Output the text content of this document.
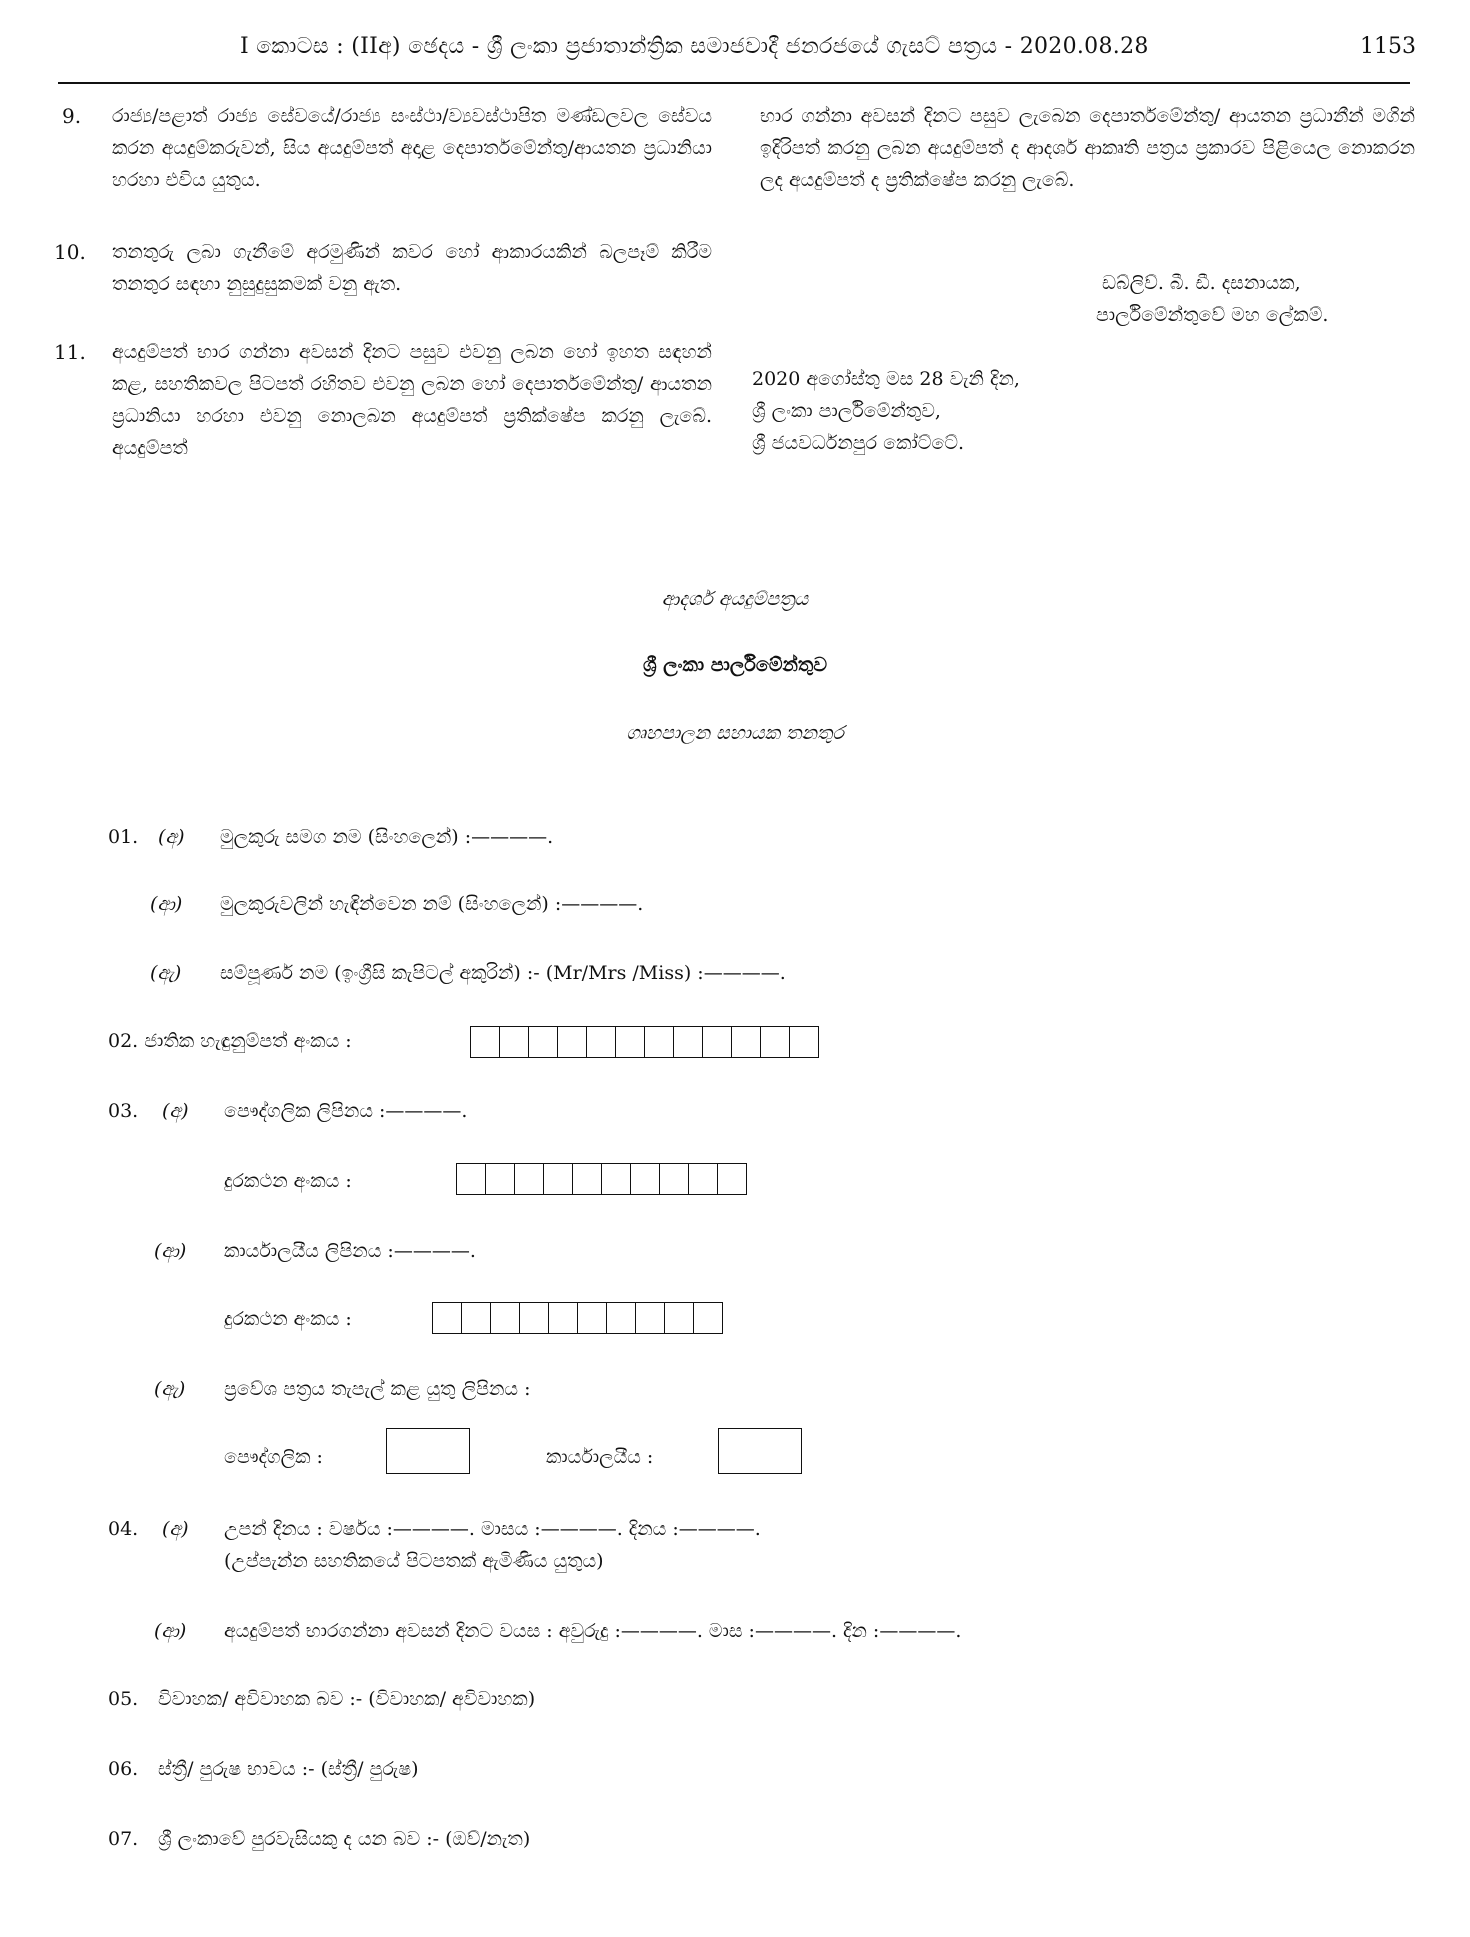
I කොටස : (IIඅ) ඡෙදය - ශ්‍රී ලංකා ප්‍රජාතාන්ත්‍රික සමාජවාදී ජනරජයේ ගැසට් පත්‍රය - 2020.08.28	1153
9. රාජ්‍ය/පළාත් රාජ්‍ය සේවයේ/රාජ්‍ය සංස්ථා/ව්‍යවස්ථාපිත මණ්ඩලවල සේවය කරන අයදුම්කරුවන්, සිය අයදුම්පත් අදාළ දෙපාර්තමේන්තු/ආයතන ප්‍රධානියා හරහා එවිය යුතුය.
10. තනතුරු ලබා ගැනීමේ අරමුණින් කවර හෝ ආකාරයකින් බලපෑම් කිරීම තනතුර සඳහා නුසුදුසුකමක් වනු ඇත.
11. අයදුම්පත් භාර ගන්නා අවසන් දිනට පසුව එවනු ලබන හෝ ඉහත සඳහන් කළ, සහතිකවල පිටපත් රහිතව එවනු ලබන හෝ දෙපාර්තමේන්තු/ ආයතන ප්‍රධානියා හරහා එවනු නොලබන අයදුම්පත් ප්‍රතික්ෂේප කරනු ලැබේ. අයදුම්පත්
භාර ගන්නා අවසන් දිනට පසුව ලැබෙන දෙපාර්තමේන්තු/ ආයතන ප්‍රධානීන් මගින් ඉදිරිපත් කරනු ලබන අයදුම්පත් ද ආදර්ශ ආකෘති පත්‍රය ප්‍රකාරව පිළියෙල නොකරන ලද අයදුම්පත් ද ප්‍රතික්ෂේප කරනු ලැබේ.
ඩබ්ලිව්. බී. ඩී. දසනායක,
පාර්ලිමේන්තුවේ මහ ලේකම්.
2020 අගෝස්තු මස 28 වැනි දින,
ශ්‍රී ලංකා පාර්ලිමේන්තුව,
ශ්‍රී ජයවර්ධනපුර කෝට්ටේ.
ආදර්ශ අයදුම්පත්‍රය
ශ්‍රී ලංකා පාර්ලිමේන්තුව
ගෘහපාලන සහායක තනතුර
01. (අ) මුලකුරු සමග නම (සිංහලෙන්) :————.
(ආ) මුලකුරුවලින් හැඳින්වෙන නම් (සිංහලෙන්) :————.
(ඇ) සම්පූර්ණ නම (ඉංග්‍රීසි කැපිටල් අකුරින්) :- (Mr/Mrs /Miss) :————.
02. ජාතික හැඳුනුම්පත් අංකය :
03. (අ) පෞද්ගලික ලිපිනය :————.
දුරකථන අංකය :
(ආ) කාර්යාලයීය ලිපිනය :————.
දුරකථන අංකය :
(ඇ) ප්‍රවේශ පත්‍රය තැපැල් කළ යුතු ලිපිනය :
පෞද්ගලික :	කාර්යාලයීය :
04. (අ) උපන් දිනය : වර්ෂය :————. මාසය :————. දිනය :————.
(උප්පැන්න සහතිකයේ පිටපතක් ඇමිණිය යුතුය)
(ආ) අයදුම්පත් භාරගන්නා අවසන් දිනට වයස : අවුරුදු :————. මාස :————. දින :————.
05. විවාහක/ අවිවාහක බව :- (විවාහක/ අවිවාහක)
06. ස්ත්‍රී/ පුරුෂ භාවය :- (ස්ත්‍රී/ පුරුෂ)
07. ශ්‍රී ලංකාවේ පුරවැසියකු ද යන බව :- (ඔව්/නැත)
